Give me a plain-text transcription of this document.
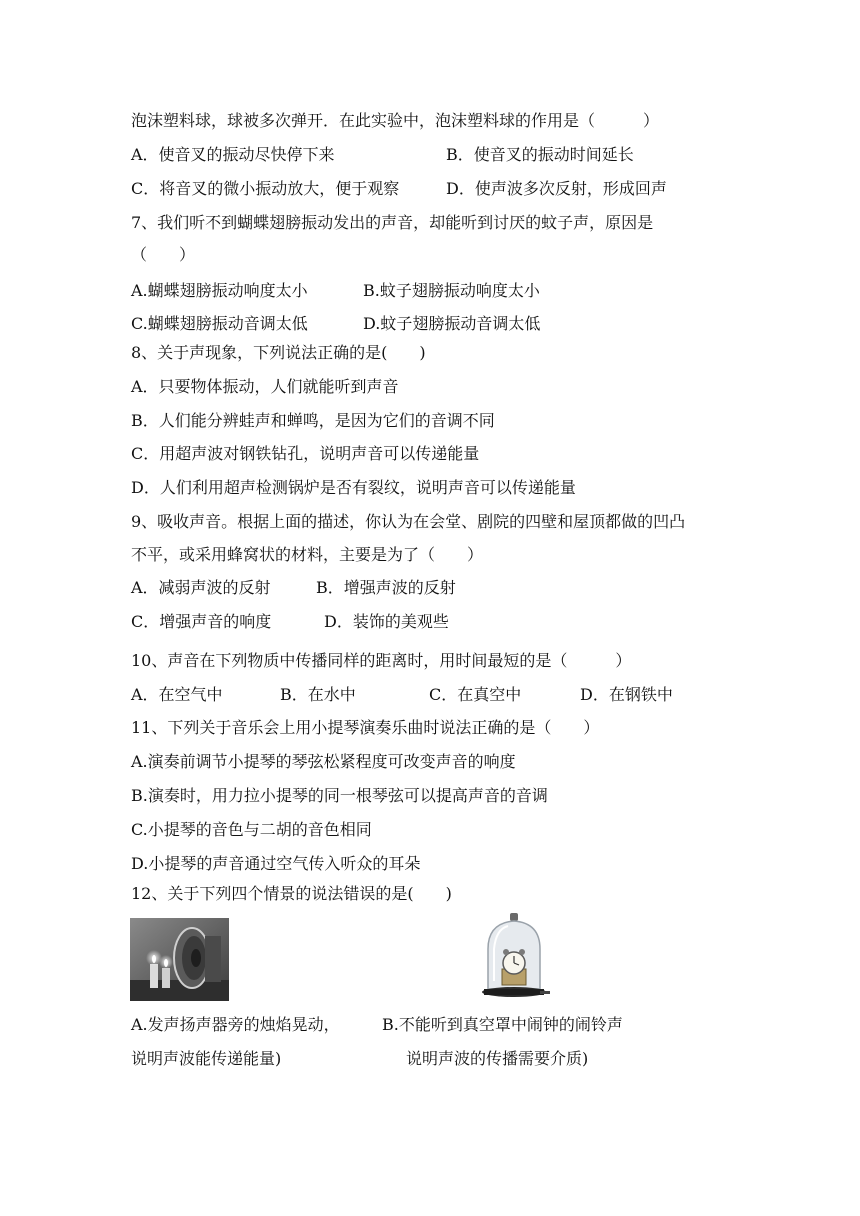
泡沫塑料球，球被多次弹开．在此实验中，泡沫塑料球的作用是（　　　）
A．使音叉的振动尽快停下来	B．使音叉的振动时间延长
C．将音叉的微小振动放大，便于观察	D．使声波多次反射，形成回声
7、我们听不到蝴蝶翅膀振动发出的声音，却能听到讨厌的蚊子声，原因是
（　　）
A.蝴蝶翅膀振动响度太小	B.蚊子翅膀振动响度太小
C.蝴蝶翅膀振动音调太低	D.蚊子翅膀振动音调太低
8、关于声现象，下列说法正确的是(　　)
A．只要物体振动，人们就能听到声音
B．人们能分辨蛙声和蝉鸣，是因为它们的音调不同
C．用超声波对钢铁钻孔，说明声音可以传递能量
D．人们利用超声检测锅炉是否有裂纹，说明声音可以传递能量
9、吸收声音。根据上面的描述，你认为在会堂、剧院的四壁和屋顶都做的凹凸
不平，或采用蜂窝状的材料，主要是为了（　　）
A．减弱声波的反射	B．增强声波的反射
C．增强声音的响度	D．装饰的美观些
10、声音在下列物质中传播同样的距离时，用时间最短的是（　　　）
A．在空气中	B．在水中	C．在真空中	D．在钢铁中
11、下列关于音乐会上用小提琴演奏乐曲时说法正确的是（　　）
A.演奏前调节小提琴的琴弦松紧程度可改变声音的响度
B.演奏时，用力拉小提琴的同一根琴弦可以提高声音的音调
C.小提琴的音色与二胡的音色相同
D.小提琴的声音通过空气传入听众的耳朵
12、关于下列四个情景的说法错误的是(　　)
A.发声扬声器旁的烛焰晃动，	B.不能听到真空罩中闹钟的闹铃声
说明声波能传递能量)	说明声波的传播需要介质)
